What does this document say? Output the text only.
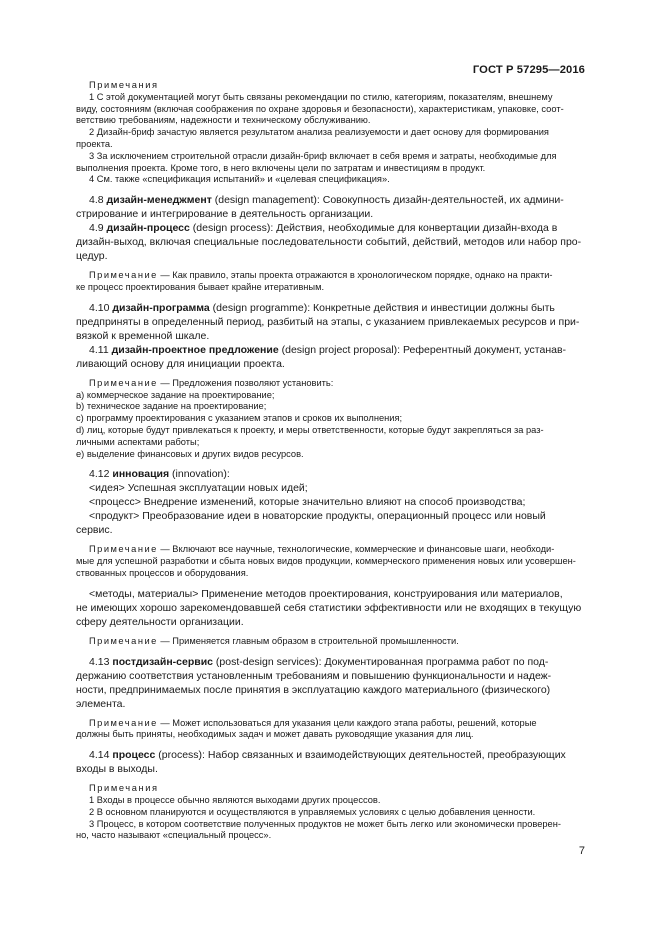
ГОСТ Р 57295—2016

Примечания

1 С этой документацией могут быть связаны рекомендации по стилю, категориям, показателям, внешнему

виду, состояниям (включая соображения по охране здоровья и безопасности), характеристикам, упаковке, соот-

ветствию требованиям, надежности и техническому обслуживанию.

2 Дизайн-бриф зачастую является результатом анализа реализуемости и дает основу для формирования

проекта.

3 За исключением строительной отрасли дизайн-бриф включает в себя время и затраты, необходимые для

выполнения проекта. Кроме того, в него включены цели по затратам и инвестициям в продукт.

4 См. также «спецификация испытаний» и «целевая спецификация».

4.8 дизайн-менеджмент (design management): Совокупность дизайн-деятельностей, их админи-

стрирование и интегрирование в деятельность организации.

4.9 дизайн-процесс (design process): Действия, необходимые для конвертации дизайн-входа в

дизайн-выход, включая специальные последовательности событий, действий, методов или набор про-

цедур.

Примечание — Как правило, этапы проекта отражаются в хронологическом порядке, однако на практи-

ке процесс проектирования бывает крайне итеративным.

4.10 дизайн-программа (design programme): Конкретные действия и инвестиции должны быть

предприняты в определенный период, разбитый на этапы, с указанием привлекаемых ресурсов и при-

вязкой к временной шкале.

4.11 дизайн-проектное предложение (design project proposal): Референтный документ, устанав-

ливающий основу для инициации проекта.

Примечание — Предложения позволяют установить:

а) коммерческое задание на проектирование;

b) техническое задание на проектирование;

c) программу проектирования с указанием этапов и сроков их выполнения;

d) лиц, которые будут привлекаться к проекту, и меры ответственности, которые будут закрепляться за раз-

личными аспектами работы;

e) выделение финансовых и других видов ресурсов.

4.12 инновация (innovation):

<идея> Успешная эксплуатации новых идей;

<процесс> Внедрение изменений, которые значительно влияют на способ производства;

<продукт> Преобразование идеи в новаторские продукты, операционный процесс или новый

сервис.

Примечание — Включают все научные, технологические, коммерческие и финансовые шаги, необходи-

мые для успешной разработки и сбыта новых видов продукции, коммерческого применения новых или усовершен-

ствованных процессов и оборудования.

<методы, материалы> Применение методов проектирования, конструирования или материалов,

не имеющих хорошо зарекомендовавшей себя статистики эффективности или не входящих в текущую

сферу деятельности организации.

Примечание — Применяется главным образом в строительной промышленности.

4.13 постдизайн-сервис (post-design services): Документированная программа работ по под-

держанию соответствия установленным требованиям и повышению функциональности и надеж-

ности, предпринимаемых после принятия в эксплуатацию каждого материального (физического)

элемента.

Примечание — Может использоваться для указания цели каждого этапа работы, решений, которые

должны быть приняты, необходимых задач и может давать руководящие указания для лиц.

4.14 процесс (process): Набор связанных и взаимодействующих деятельностей, преобразующих

входы в выходы.

Примечания

1 Входы в процессе обычно являются выходами других процессов.

2 В основном планируются и осуществляются в управляемых условиях с целью добавления ценности.

3 Процесс, в котором соответствие полученных продуктов не может быть легко или экономически проверен-

но, часто называют «специальный процесс».

7
